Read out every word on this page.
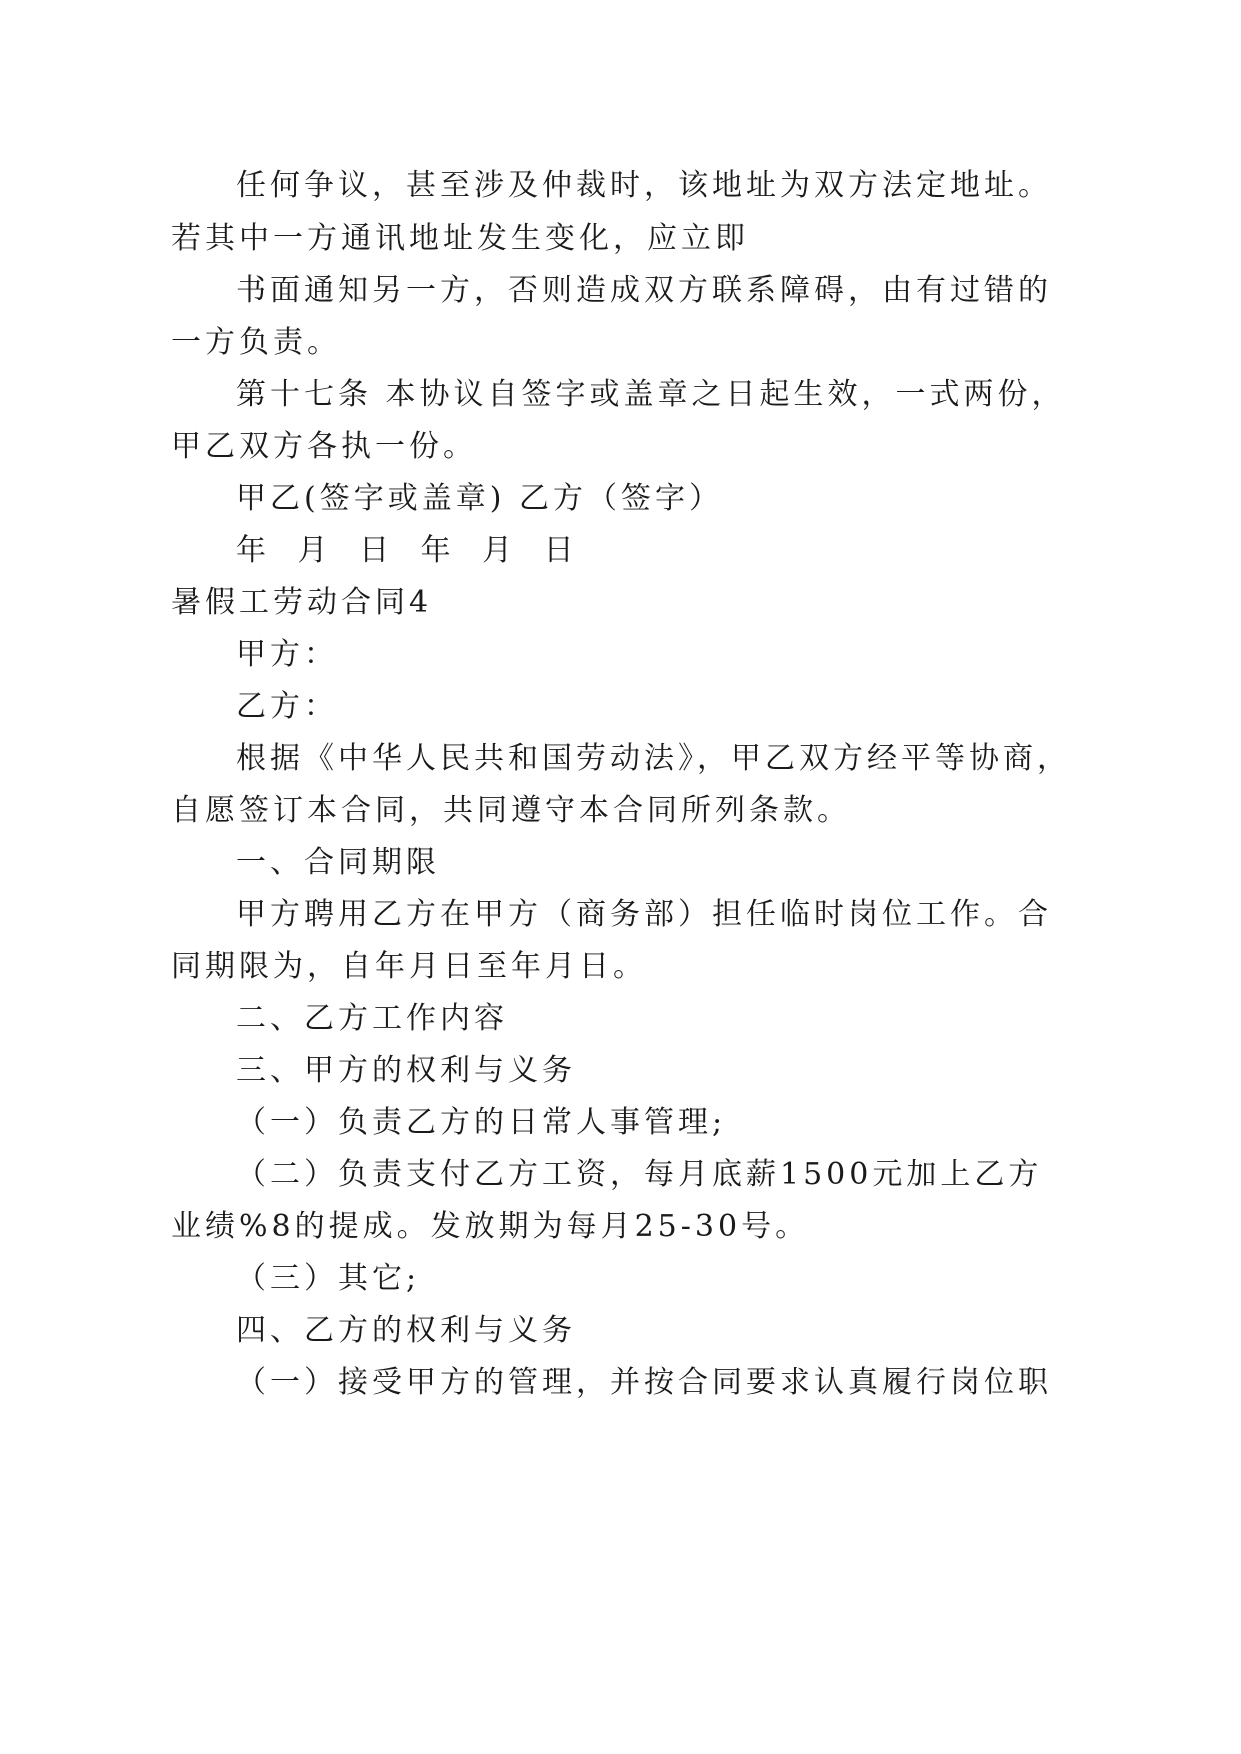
任何争议，甚至涉及仲裁时，该地址为双方法定地址。
若其中一方通讯地址发生变化，应立即
书面通知另一方，否则造成双方联系障碍，由有过错的
一方负责。
第十七条 本协议自签字或盖章之日起生效，一式两份，
甲乙双方各执一份。
甲乙(签字或盖章) 乙方（签字）
年 月 日 年 月 日
暑假工劳动合同4
甲方：
乙方：
根据《中华人民共和国劳动法》，甲乙双方经平等协商，
自愿签订本合同，共同遵守本合同所列条款。
一、合同期限
甲方聘用乙方在甲方（商务部）担任临时岗位工作。合
同期限为，自年月日至年月日。
二、乙方工作内容
三、甲方的权利与义务
（一）负责乙方的日常人事管理;
（二）负责支付乙方工资，每月底薪1500元加上乙方
业绩%8的提成。发放期为每月25-30号。
（三）其它;
四、乙方的权利与义务
（一）接受甲方的管理，并按合同要求认真履行岗位职
